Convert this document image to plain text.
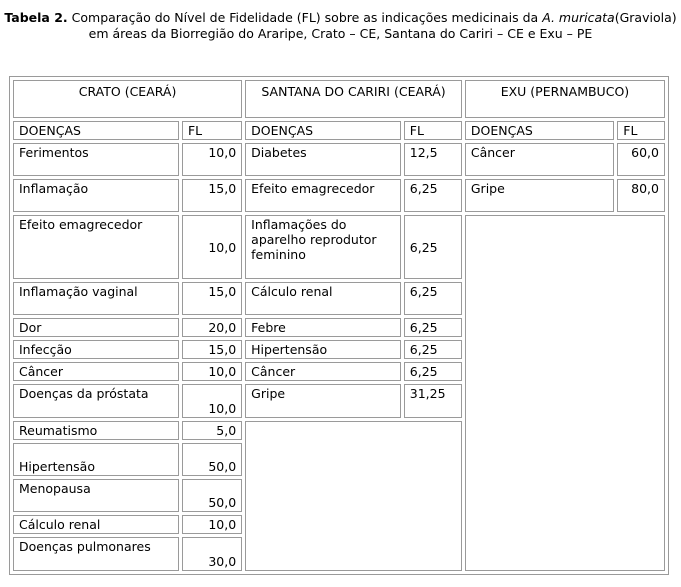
Tabela 2. Comparação do Nível de Fidelidade (FL) sobre as indicações medicinais da A. muricata(Graviola) em áreas da Biorregião do Araripe, Crato – CE, Santana do Cariri – CE e Exu – PE
CRATO (CEARÁ)		SANTANA DO CARIRI (CEARÁ)		EXU (PERNAMBUCO)	
DOENÇAS	FL	DOENÇAS	FL	DOENÇAS	FL
Ferimentos	10,0	Diabetes	12,5	Câncer	60,0
Inflamação	15,0	Efeito emagrecedor	6,25	Gripe	80,0
Efeito emagrecedor	10,0	Inflamações do aparelho reprodutor feminino	6,25		
Inflamação vaginal	15,0	Cálculo renal	6,25		
Dor	20,0	Febre	6,25		
Infecção	15,0	Hipertensão	6,25		
Câncer	10,0	Câncer	6,25		
Doenças da próstata	10,0	Gripe	31,25		
Reumatismo	5,0				
Hipertensão	50,0				
Menopausa	50,0				
Cálculo renal	10,0				
Doenças pulmonares	30,0				
